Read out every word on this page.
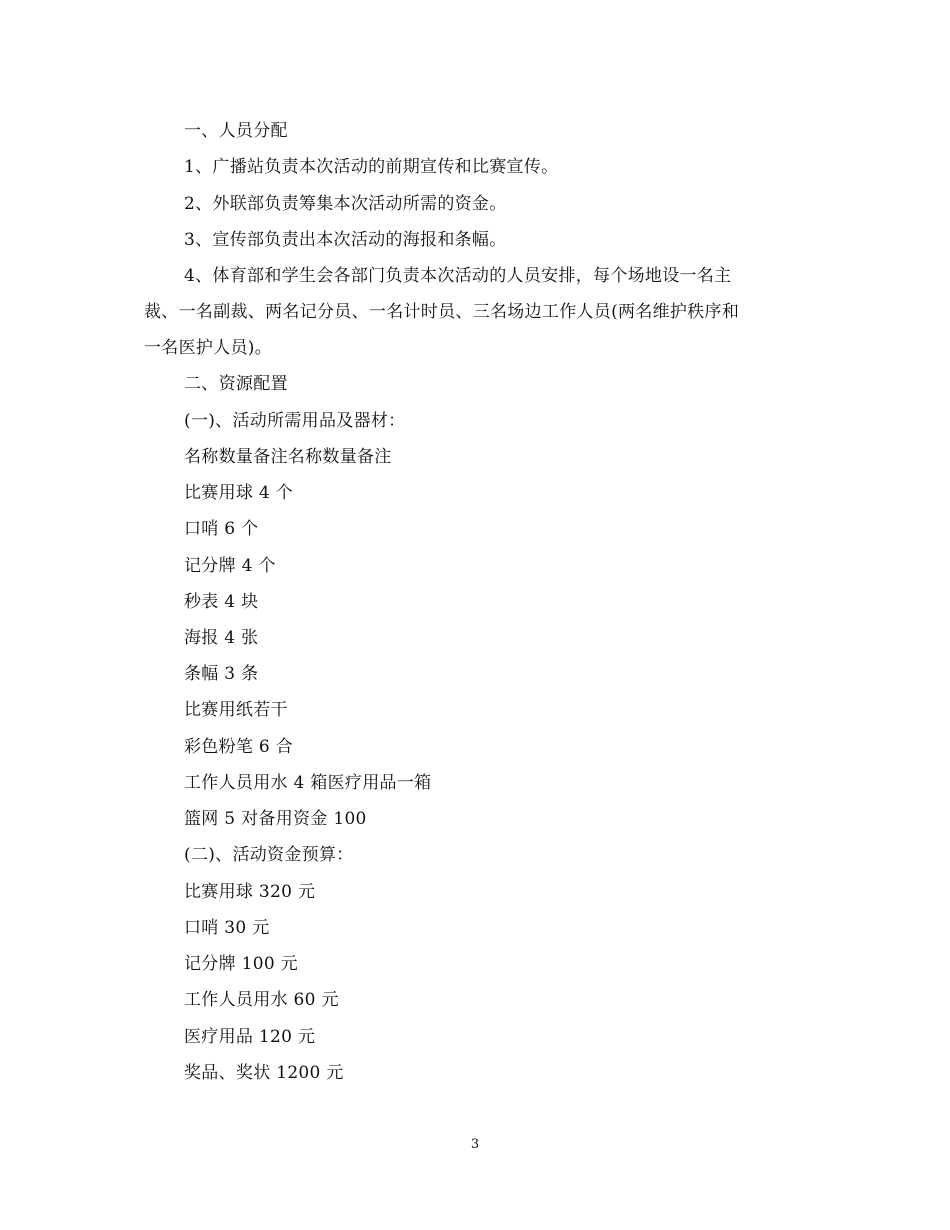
一、人员分配
1、广播站负责本次活动的前期宣传和比赛宣传。
2、外联部负责筹集本次活动所需的资金。
3、宣传部负责出本次活动的海报和条幅。
4、体育部和学生会各部门负责本次活动的人员安排，每个场地设一名主
裁、一名副裁、两名记分员、一名计时员、三名场边工作人员(两名维护秩序和
一名医护人员)。
二、资源配置
(一)、活动所需用品及器材：
名称数量备注名称数量备注
比赛用球 4 个
口哨 6 个
记分牌 4 个
秒表 4 块
海报 4 张
条幅 3 条
比赛用纸若干
彩色粉笔 6 合
工作人员用水 4 箱医疗用品一箱
篮网 5 对备用资金 100
(二)、活动资金预算：
比赛用球 320 元
口哨 30 元
记分牌 100 元
工作人员用水 60 元
医疗用品 120 元
奖品、奖状 1200 元
3
